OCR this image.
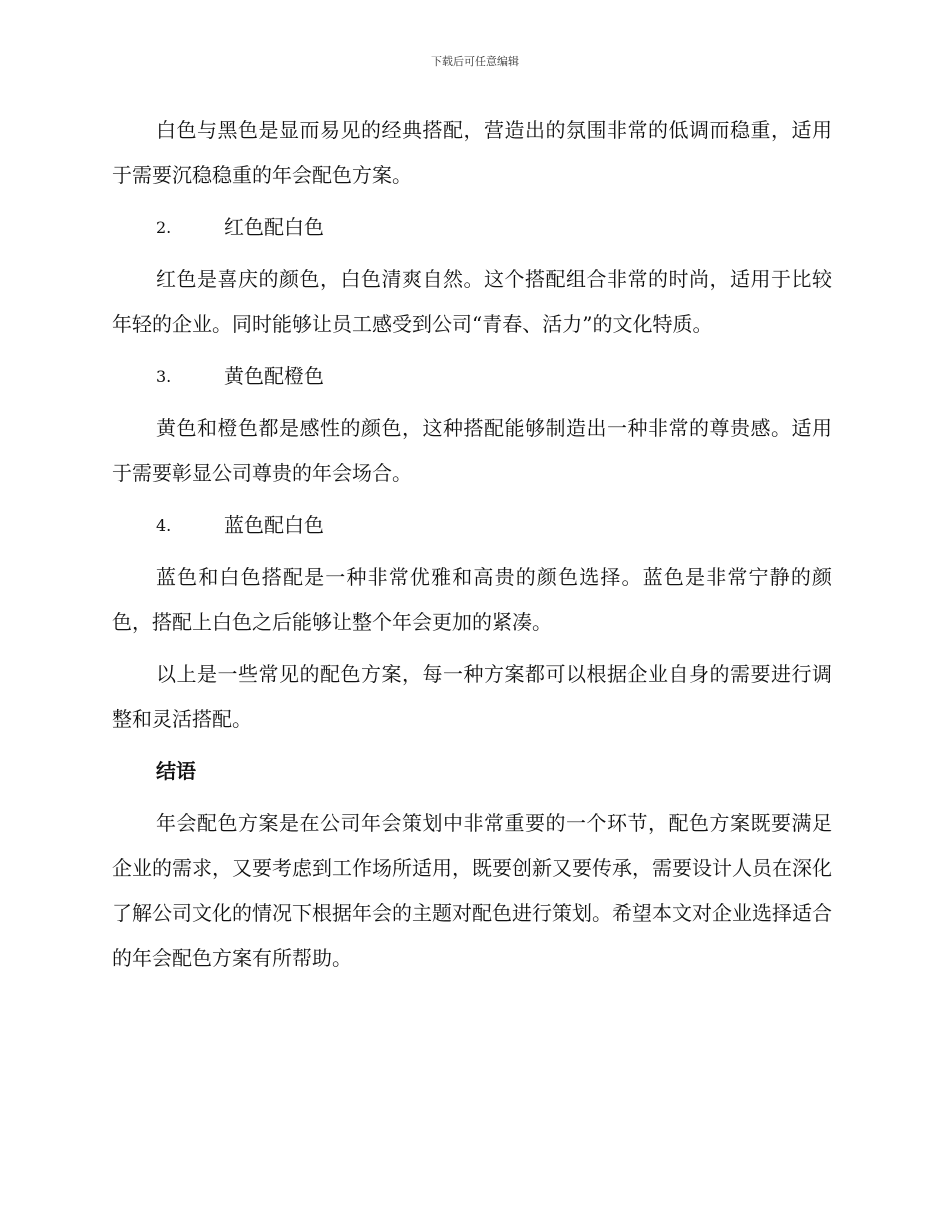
下载后可任意编辑

白色与黑色是显而易见的经典搭配，营造出的氛围非常的低调而稳重，适用于需要沉稳稳重的年会配色方案。

2.	红色配白色

红色是喜庆的颜色，白色清爽自然。这个搭配组合非常的时尚，适用于比较年轻的企业。同时能够让员工感受到公司“青春、活力”的文化特质。

3.	黄色配橙色

黄色和橙色都是感性的颜色，这种搭配能够制造出一种非常的尊贵感。适用于需要彰显公司尊贵的年会场合。

4.	蓝色配白色

蓝色和白色搭配是一种非常优雅和高贵的颜色选择。蓝色是非常宁静的颜色，搭配上白色之后能够让整个年会更加的紧凑。

以上是一些常见的配色方案，每一种方案都可以根据企业自身的需要进行调整和灵活搭配。

结语

年会配色方案是在公司年会策划中非常重要的一个环节，配色方案既要满足企业的需求，又要考虑到工作场所适用，既要创新又要传承，需要设计人员在深化了解公司文化的情况下根据年会的主题对配色进行策划。希望本文对企业选择适合的年会配色方案有所帮助。
